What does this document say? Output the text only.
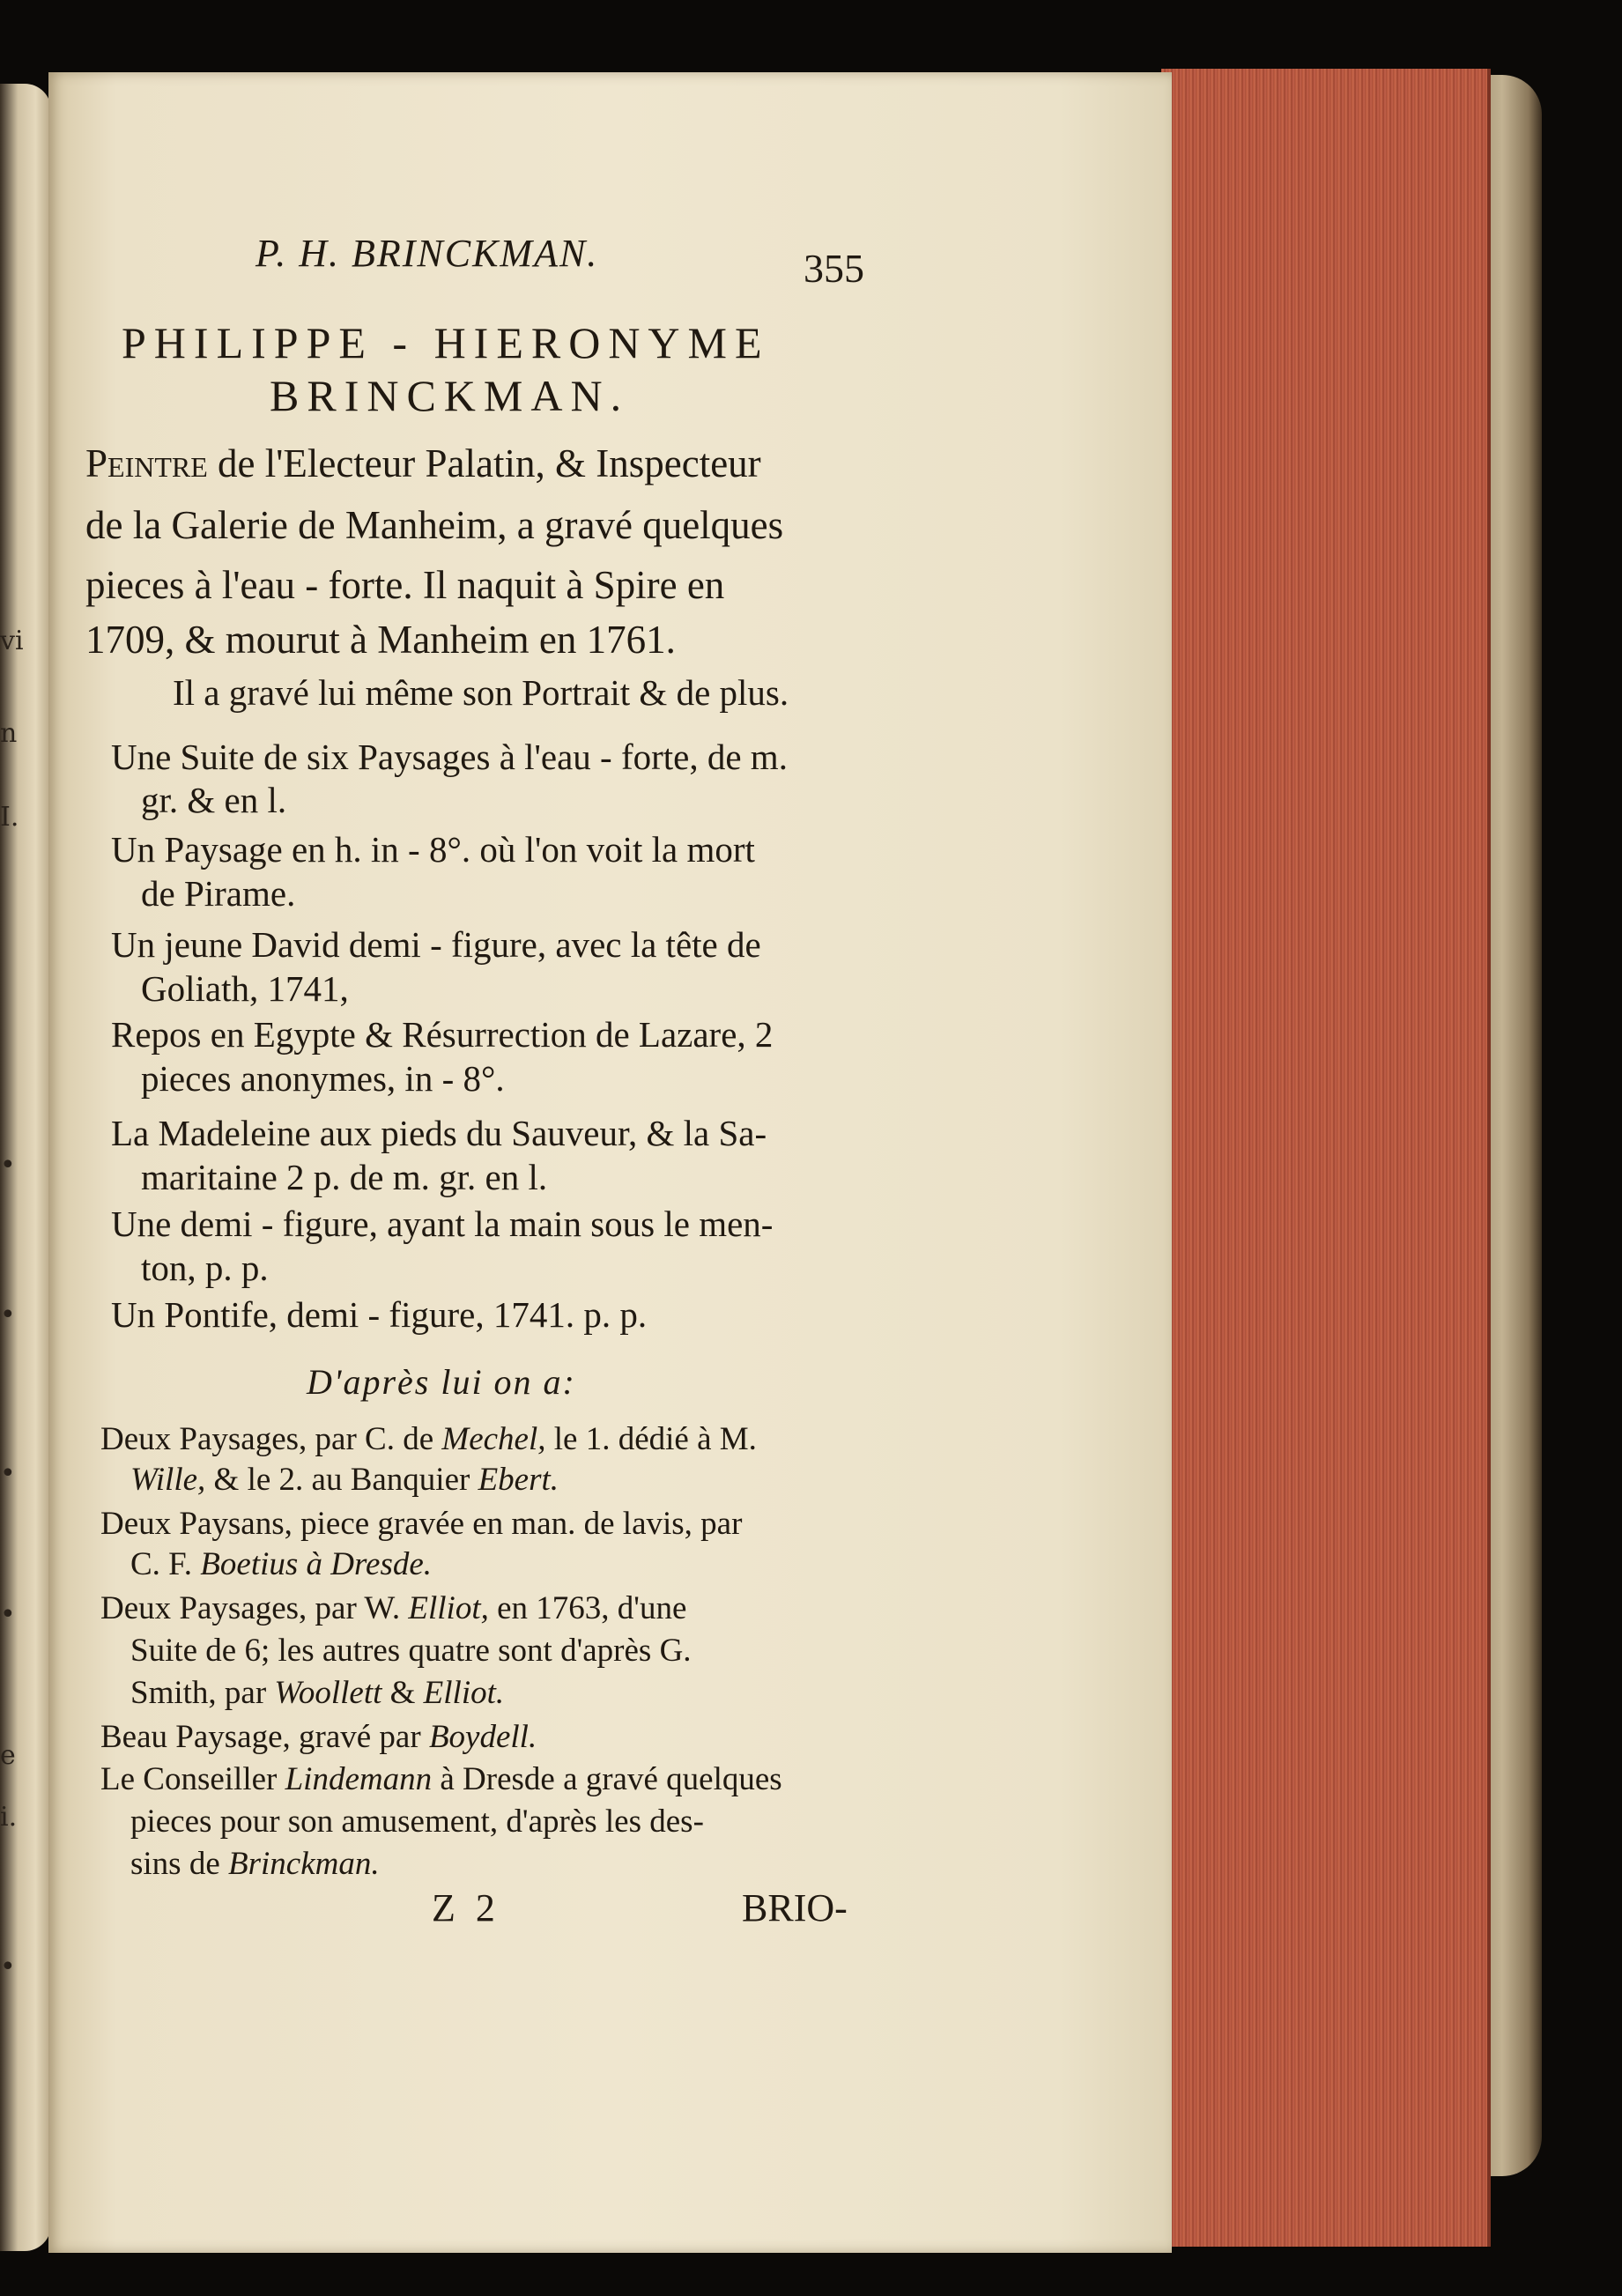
vi
n
I.
•
•
•
•
e
i.
•
P. H. BRINCKMAN.	355
PHILIPPE - HIERONYME
BRINCKMAN.
Peintre de l'Electeur Palatin, & Inspecteur
de la Galerie de Manheim, a gravé quelques
pieces à l'eau - forte. Il naquit à Spire en
1709, & mourut à Manheim en 1761.
Il a gravé lui même son Portrait & de plus.
Une Suite de six Paysages à l'eau - forte, de m.
gr. & en l.
Un Paysage en h. in - 8°. où l'on voit la mort
de Pirame.
Un jeune David demi - figure, avec la tête de
Goliath, 1741,
Repos en Egypte & Résurrection de Lazare, 2
pieces anonymes, in - 8°.
La Madeleine aux pieds du Sauveur, & la Sa-
maritaine 2 p. de m. gr. en l.
Une demi - figure, ayant la main sous le men-
ton, p. p.
Un Pontife, demi - figure, 1741. p. p.
D'après lui on a:
Deux Paysages, par C. de Mechel, le 1. dédié à M.
Wille, & le 2. au Banquier Ebert.
Deux Paysans, piece gravée en man. de lavis, par
C. F. Boetius à Dresde.
Deux Paysages, par W. Elliot, en 1763, d'une
Suite de 6; les autres quatre sont d'après G.
Smith, par Woollett & Elliot.
Beau Paysage, gravé par Boydell.
Le Conseiller Lindemann à Dresde a gravé quelques
pieces pour son amusement, d'après les des-
sins de Brinckman.
Z 2	BRIO-
